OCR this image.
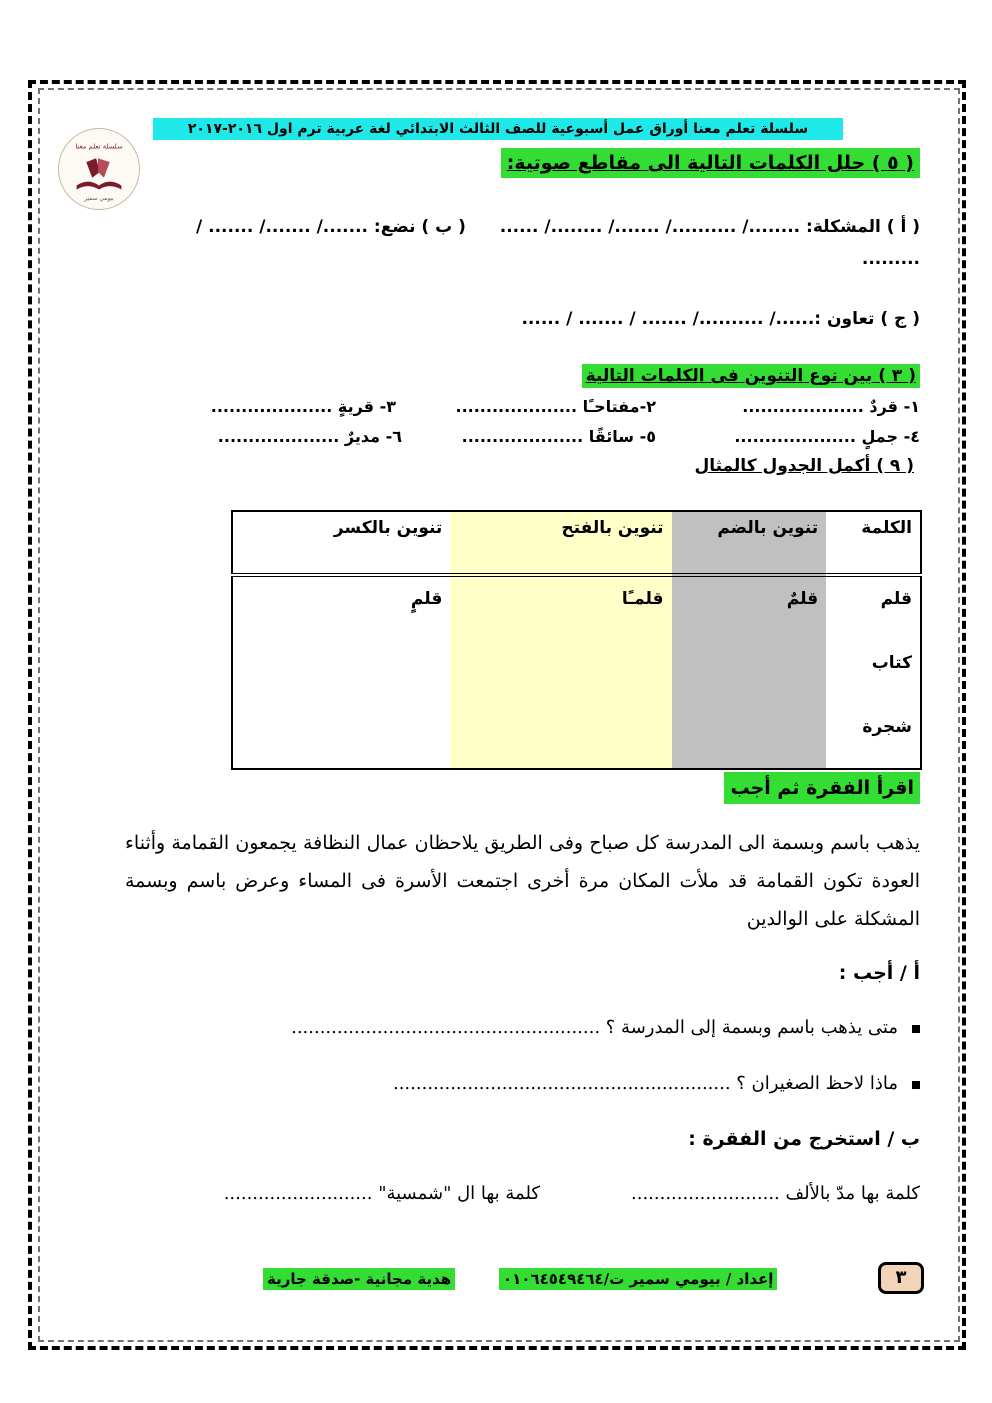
سلسلة تعلم معنا
بيومي سمير
سلسلة تعلم معنا أوراق عمل أسبوعية للصف الثالث الابتدائي لغة عربية ترم اول ٢٠١٦-٢٠١٧
( ٥ ) حلل الكلمات التالية الى مقاطع صوتية:
( أ ) المشكلة: ......../ ........../ ......./ ......../ ......
( ب ) نضع: ......./ ......./ ....... /
.........
( ج ) تعاون :....../ ........../ ....... / ....... / ......
( ٣ ) بين نوع التنوين فى الكلمات التالية
١- قردٌ ....................
٢-مفتاحـًا ....................
٣- قريةٍ ....................
٤- جملٍ ....................
٥- سائقًا ....................
٦- مديرٌ ....................
( ٩ ) أكمل الجدول كالمثال
الكلمة	تنوين بالضم	تنوين بالفتح	تنوين بالكسر
قلم	قلمٌ	قلمـًا	قلمٍ
كتاب			
شجرة			
اقرأ الفقرة ثم أجب
يذهب باسم وبسمة الى المدرسة كل صباح وفى الطريق يلاحظان عمال النظافة يجمعون القمامة وأثناء العودة تكون القمامة قد ملأت المكان مرة أخرى اجتمعت الأسرة فى المساء وعرض باسم وبسمة المشكلة على الوالدين
أ / أجب :
متى يذهب باسم وبسمة إلى المدرسة ؟ ......................................................
ماذا لاحظ الصغيران ؟ ...........................................................
ب / استخرج من الفقرة :
كلمة بها مدّ بالألف ..........................
كلمة بها ال "شمسية" ..........................
٣
إعداد / بيومي سمير ت/٠١٠٦٤٥٤٩٤٦٤
هدية مجانية -صدقة جارية
